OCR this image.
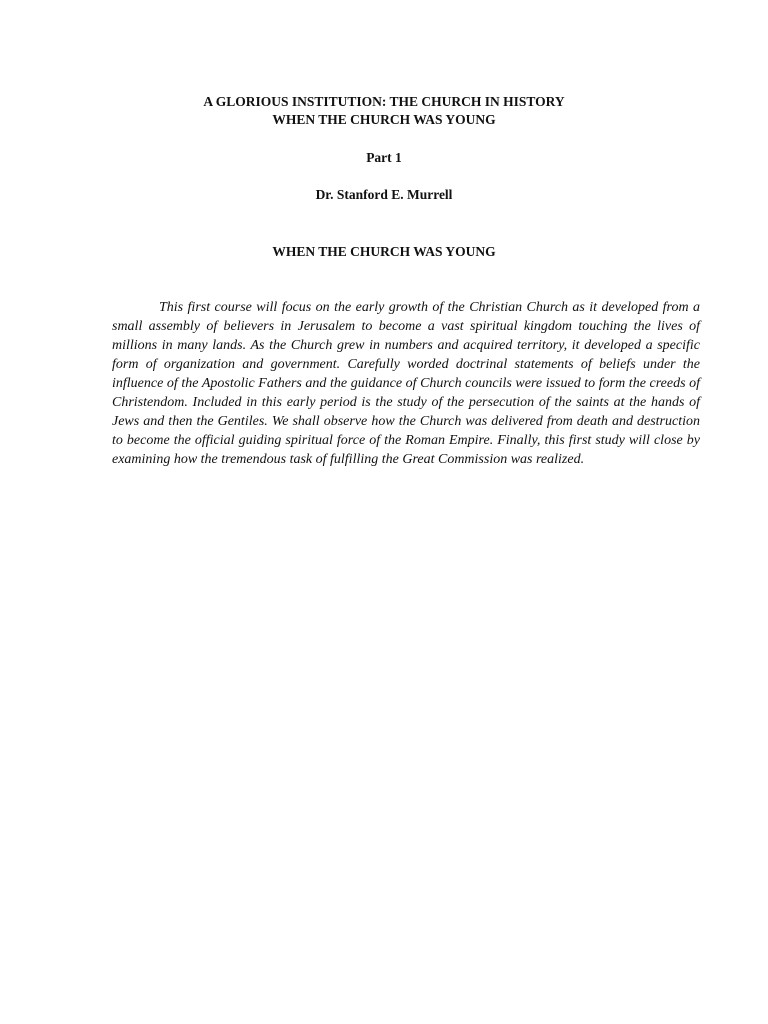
A GLORIOUS INSTITUTION: THE CHURCH IN HISTORY
WHEN THE CHURCH WAS YOUNG
Part 1
Dr. Stanford E. Murrell
WHEN THE CHURCH WAS YOUNG

This first course will focus on the early growth of the Christian Church as it developed from a small assembly of believers in Jerusalem to become a vast spiritual kingdom touching the lives of millions in many lands. As the Church grew in numbers and acquired territory, it developed a specific form of organization and government. Carefully worded doctrinal statements of beliefs under the influence of the Apostolic Fathers and the guidance of Church councils were issued to form the creeds of Christendom. Included in this early period is the study of the persecution of the saints at the hands of Jews and then the Gentiles. We shall observe how the Church was delivered from death and destruction to become the official guiding spiritual force of the Roman Empire. Finally, this first study will close by examining how the tremendous task of fulfilling the Great Commission was realized.
